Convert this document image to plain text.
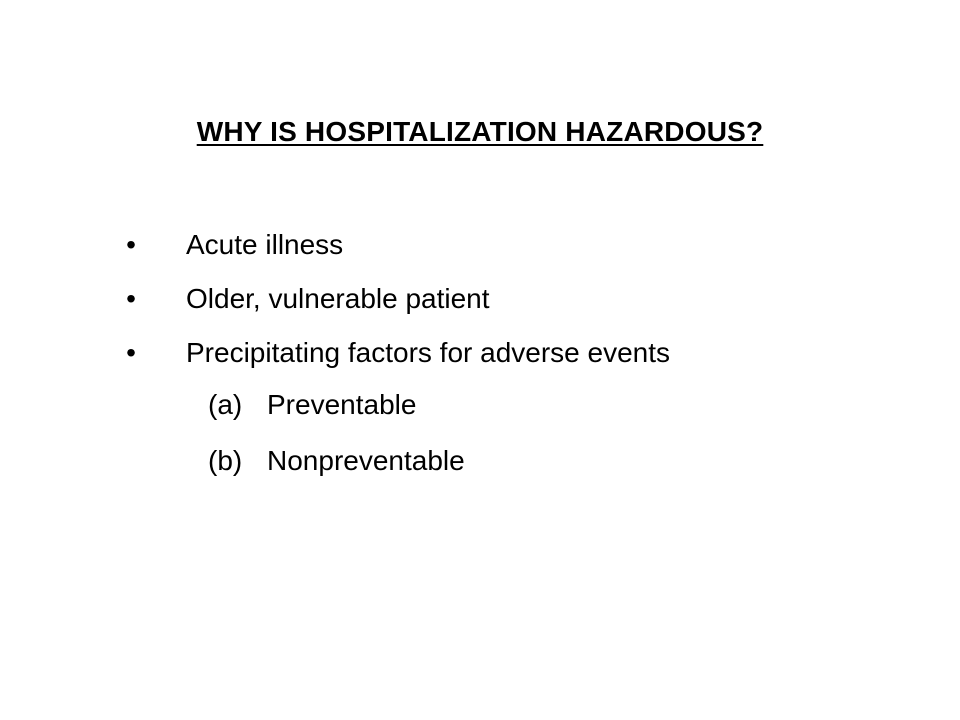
WHY IS HOSPITALIZATION HAZARDOUS?
• Acute illness
• Older, vulnerable patient
• Precipitating factors for adverse events
(a) Preventable
(b) Nonpreventable
